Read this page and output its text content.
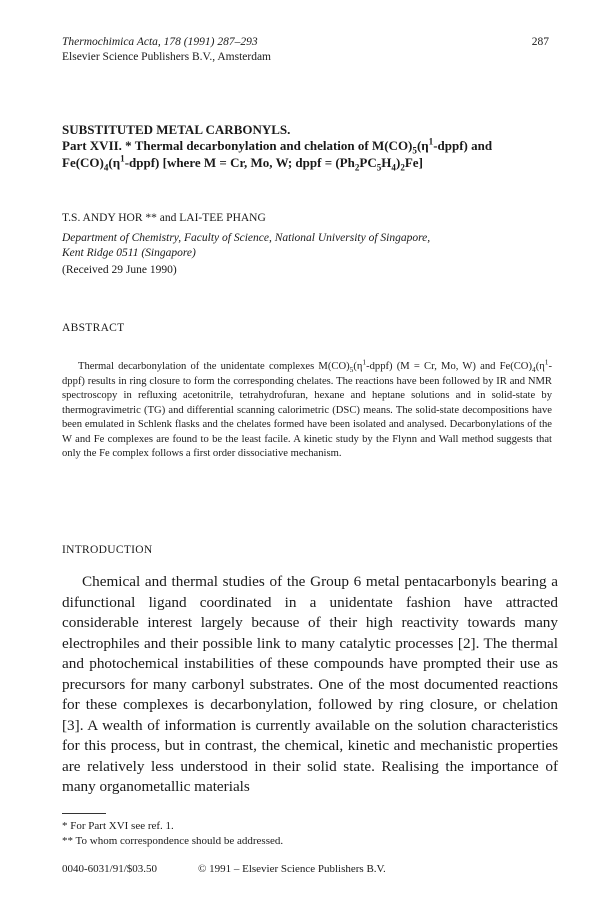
Thermochimica Acta, 178 (1991) 287–293	287
Elsevier Science Publishers B.V., Amsterdam
SUBSTITUTED METAL CARBONYLS.
Part XVII. * Thermal decarbonylation and chelation of $M(CO)_5(\eta^1-dppf)$ and $Fe(CO)_4(\eta^1-dppf)$ [where M = Cr, Mo, W; dppf = $(Ph_2PC_5H_4)_2Fe$]
T.S. ANDY HOR ** and LAI-TEE PHANG
Department of Chemistry, Faculty of Science, National University of Singapore,
Kent Ridge 0511 (Singapore)
(Received 29 June 1990)
ABSTRACT
Thermal decarbonylation of the unidentate complexes $M(CO)_5(\eta^1-dppf) (M = Cr$, Mo, W) and $Fe(CO)_4(\eta^1-dppf)$ results in ring closure to form the corresponding chelates. The reactions have been followed by IR and NMR spectroscopy in refluxing acetonitrile, tetrahydrofuran, hexane and heptane solutions and in solid-state by thermogravimetric (TG) and differential scanning calorimetric (DSC) means. The solid-state decompositions have been emulated in Schlenk flasks and the chelates formed have been isolated and analysed. Decarbonylations of the W and Fe complexes are found to be the least facile. A kinetic study by the Flynn and Wall method suggests that only the Fe complex follows a first order dissociative mechanism.
INTRODUCTION
Chemical and thermal studies of the Group 6 metal pentacarbonyls bearing a difunctional ligand coordinated in a unidentate fashion have attracted considerable interest largely because of their high reactivity towards many electrophiles and their possible link to many catalytic processes [2]. The thermal and photochemical instabilities of these compounds have prompted their use as precursors for many carbonyl substrates. One of the most documented reactions for these complexes is decarbonylation, followed by ring closure, or chelation [3]. A wealth of information is currently available on the solution characteristics for this process, but in contrast, the chemical, kinetic and mechanistic properties are relatively less understood in their solid state. Realising the importance of many organometallic materials
* For Part XVI see ref. 1.
** To whom correspondence should be addressed.
0040-6031/91/$03.50	© 1991 – Elsevier Science Publishers B.V.
